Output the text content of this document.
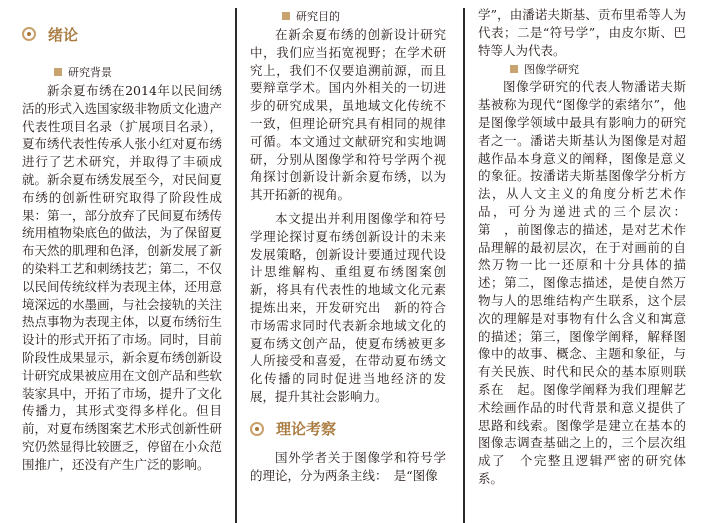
绪论
研究背景

新余夏布绣在2014年以民间绣活的形式入选国家级非物质文化遗产代表性项目名录（扩展项目名录），夏布绣代表性传承人张小红对夏布绣进行了艺术研究，并取得了丰硕成就。新余夏布绣发展至今，对民间夏布绣的创新性研究取得了阶段性成果：第一，部分放弃了民间夏布绣传统用植物染底色的做法，为了保留夏布天然的肌理和色泽，创新发展了新的染料工艺和刺绣技艺；第二，不仅以民间传统纹样为表现主体，还用意境深远的水墨画，与社会接轨的关注热点事物为表现主体，以夏布绣衍生设计的形式开拓了市场。同时，目前阶段性成果显示，新余夏布绣创新设计研究成果被应用在文创产品和些软装家具中，开拓了市场，提升了文化传播力，其形式变得多样化。但目前，对夏布绣图案艺术形式创新性研究仍然显得比较匮乏，停留在小众范围推广，还没有产生广泛的影响。

研究目的

在新余夏布绣的创新设计研究中，我们应当拓宽视野；在学术研究上，我们不仅要追溯前源，而且要辩章学术。国内外相关的一切进步的研究成果，虽地域文化传统不一致，但理论研究具有相同的规律可循。本文通过文献研究和实地调研，分别从图像学和符号学两个视角探讨创新设计新余夏布绣，以为其开拓新的视角。

本文提出并利用图像学和符号学理论探讨夏布绣创新设计的未来发展策略，创新设计要通过现代设计思维解构、重组夏布绣图案创新，将具有代表性的地域文化元素提炼出来，开发研究出　新的符合市场需求同时代表新余地域文化的夏布绣文创产品，使夏布绣被更多人所接受和喜爱，在带动夏布绣文化传播的同时促进当地经济的发展，提升其社会影响力。

理论考察

国外学者关于图像学和符号学的理论，分为两条主线：　是“图像

学”，由潘诺夫斯基、贡布里希等人为代表；二是“符号学”，由皮尔斯、巴特等人为代表。

图像学研究

图像学研究的代表人物潘诺夫斯基被称为现代“图像学的索绪尔”，他是图像学领域中最具有影响力的研究者之一。潘诺夫斯基认为图像是对超越作品本身意义的阐释，图像是意义的象征。按潘诺夫斯基图像学分析方法，从人文主义的角度分析艺术作品，可分为递进式的三个层次：第　，前图像志的描述，是对艺术作品理解的最初层次，在于对画前的自然万物一比一还原和十分具体的描述；第二，图像志描述，是使自然万物与人的思维结构产生联系，这个层次的理解是对事物有什么含义和寓意的描述；第三，图像学阐释，解释图像中的故事、概念、主题和象征，与有关民族、时代和民众的基本原则联系在　起。图像学阐释为我们理解艺术绘画作品的时代背景和意义提供了思路和线索。图像学是建立在基本的图像志调查基础之上的，三个层次组成了　个完整且逻辑严密的研究体系。
